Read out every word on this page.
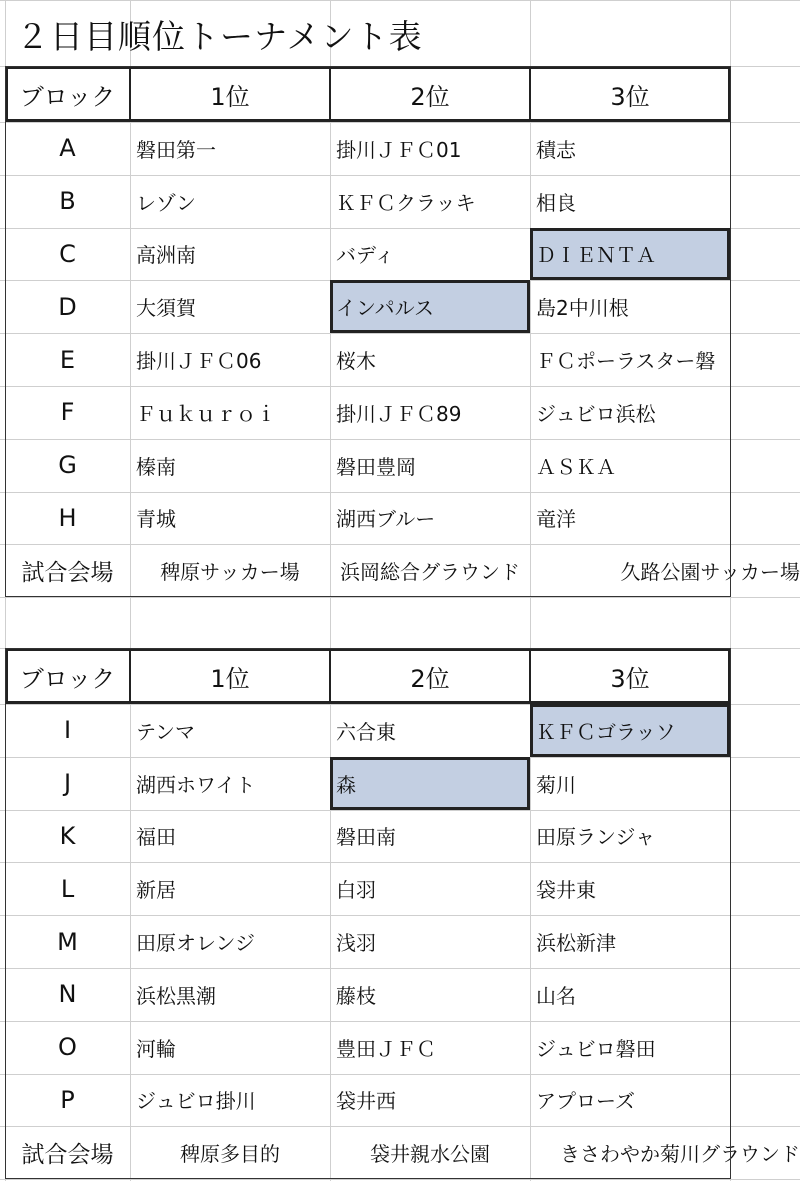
２日目順位トーナメント表
ブロック	1位	2位	3位
A	磐田第一	掛川ＪＦＣ01	積志
B	レゾン	ＫＦＣクラッキ	相良
C	高洲南	バディ	ＤＩＥＮＴＡ
D	大須賀	インパルス	島2中川根
E	掛川ＪＦＣ06	桜木	ＦＣポーラスター磐
F	Ｆｕｋｕｒｏｉ	掛川ＪＦＣ89	ジュビロ浜松
G	榛南	磐田豊岡	ＡＳＫＡ
H	青城	湖西ブルー	竜洋
試合会場	稗原サッカー場	浜岡総合グラウンド	久路公園サッカー場
ブロック	1位	2位	3位
I	テンマ	六合東	ＫＦＣゴラッソ
J	湖西ホワイト	森	菊川
K	福田	磐田南	田原ランジャ
L	新居	白羽	袋井東
M	田原オレンジ	浅羽	浜松新津
N	浜松黒潮	藤枝	山名
O	河輪	豊田ＪＦＣ	ジュビロ磐田
P	ジュビロ掛川	袋井西	アプローズ
試合会場	稗原多目的	袋井親水公園	きさわやか菊川グラウンド
